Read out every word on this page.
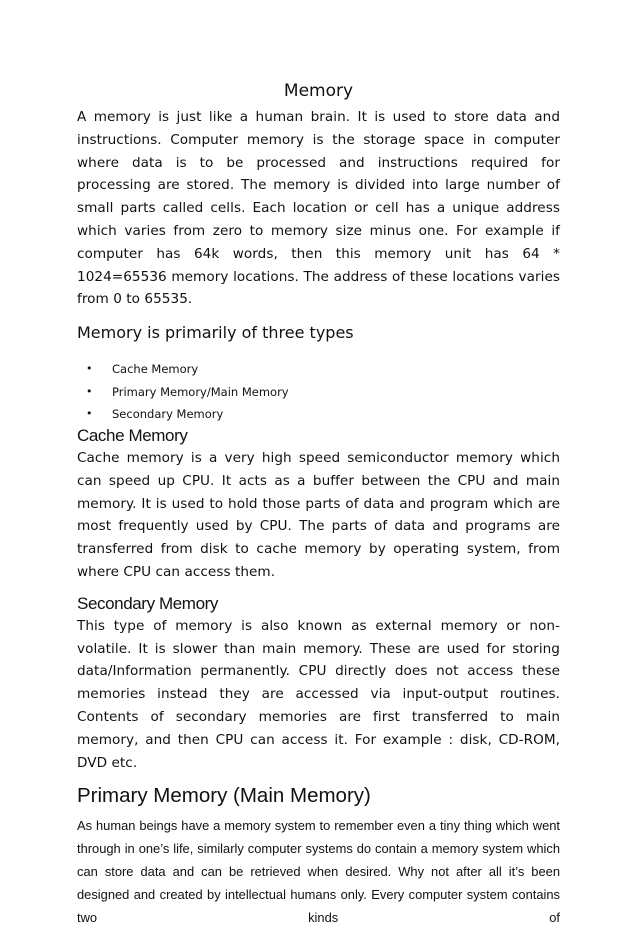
Memory

A memory is just like a human brain. It is used to store data and instructions. Computer memory is the storage space in computer where data is to be processed and instructions required for processing are stored. The memory is divided into large number of small parts called cells. Each location or cell has a unique address which varies from zero to memory size minus one. For example if computer has 64k words, then this memory unit has 64 * 1024=65536 memory locations. The address of these locations varies from 0 to 65535.

Memory is primarily of three types
• Cache Memory
• Primary Memory/Main Memory
• Secondary Memory
Cache Memory

Cache memory is a very high speed semiconductor memory which can speed up CPU. It acts as a buffer between the CPU and main memory. It is used to hold those parts of data and program which are most frequently used by CPU. The parts of data and programs are transferred from disk to cache memory by operating system, from where CPU can access them.

Secondary Memory

This type of memory is also known as external memory or non-volatile. It is slower than main memory. These are used for storing data/Information permanently. CPU directly does not access these memories instead they are accessed via input-output routines. Contents of secondary memories are first transferred to main memory, and then CPU can access it. For example : disk, CD-ROM, DVD etc.

Primary Memory (Main Memory)

As human beings have a memory system to remember even a tiny thing which went through in one’s life, similarly computer systems do contain a memory system which can store data and can be retrieved when desired. Why not after all it’s been designed and created by intellectual humans only. Every computer system contains two kinds of
